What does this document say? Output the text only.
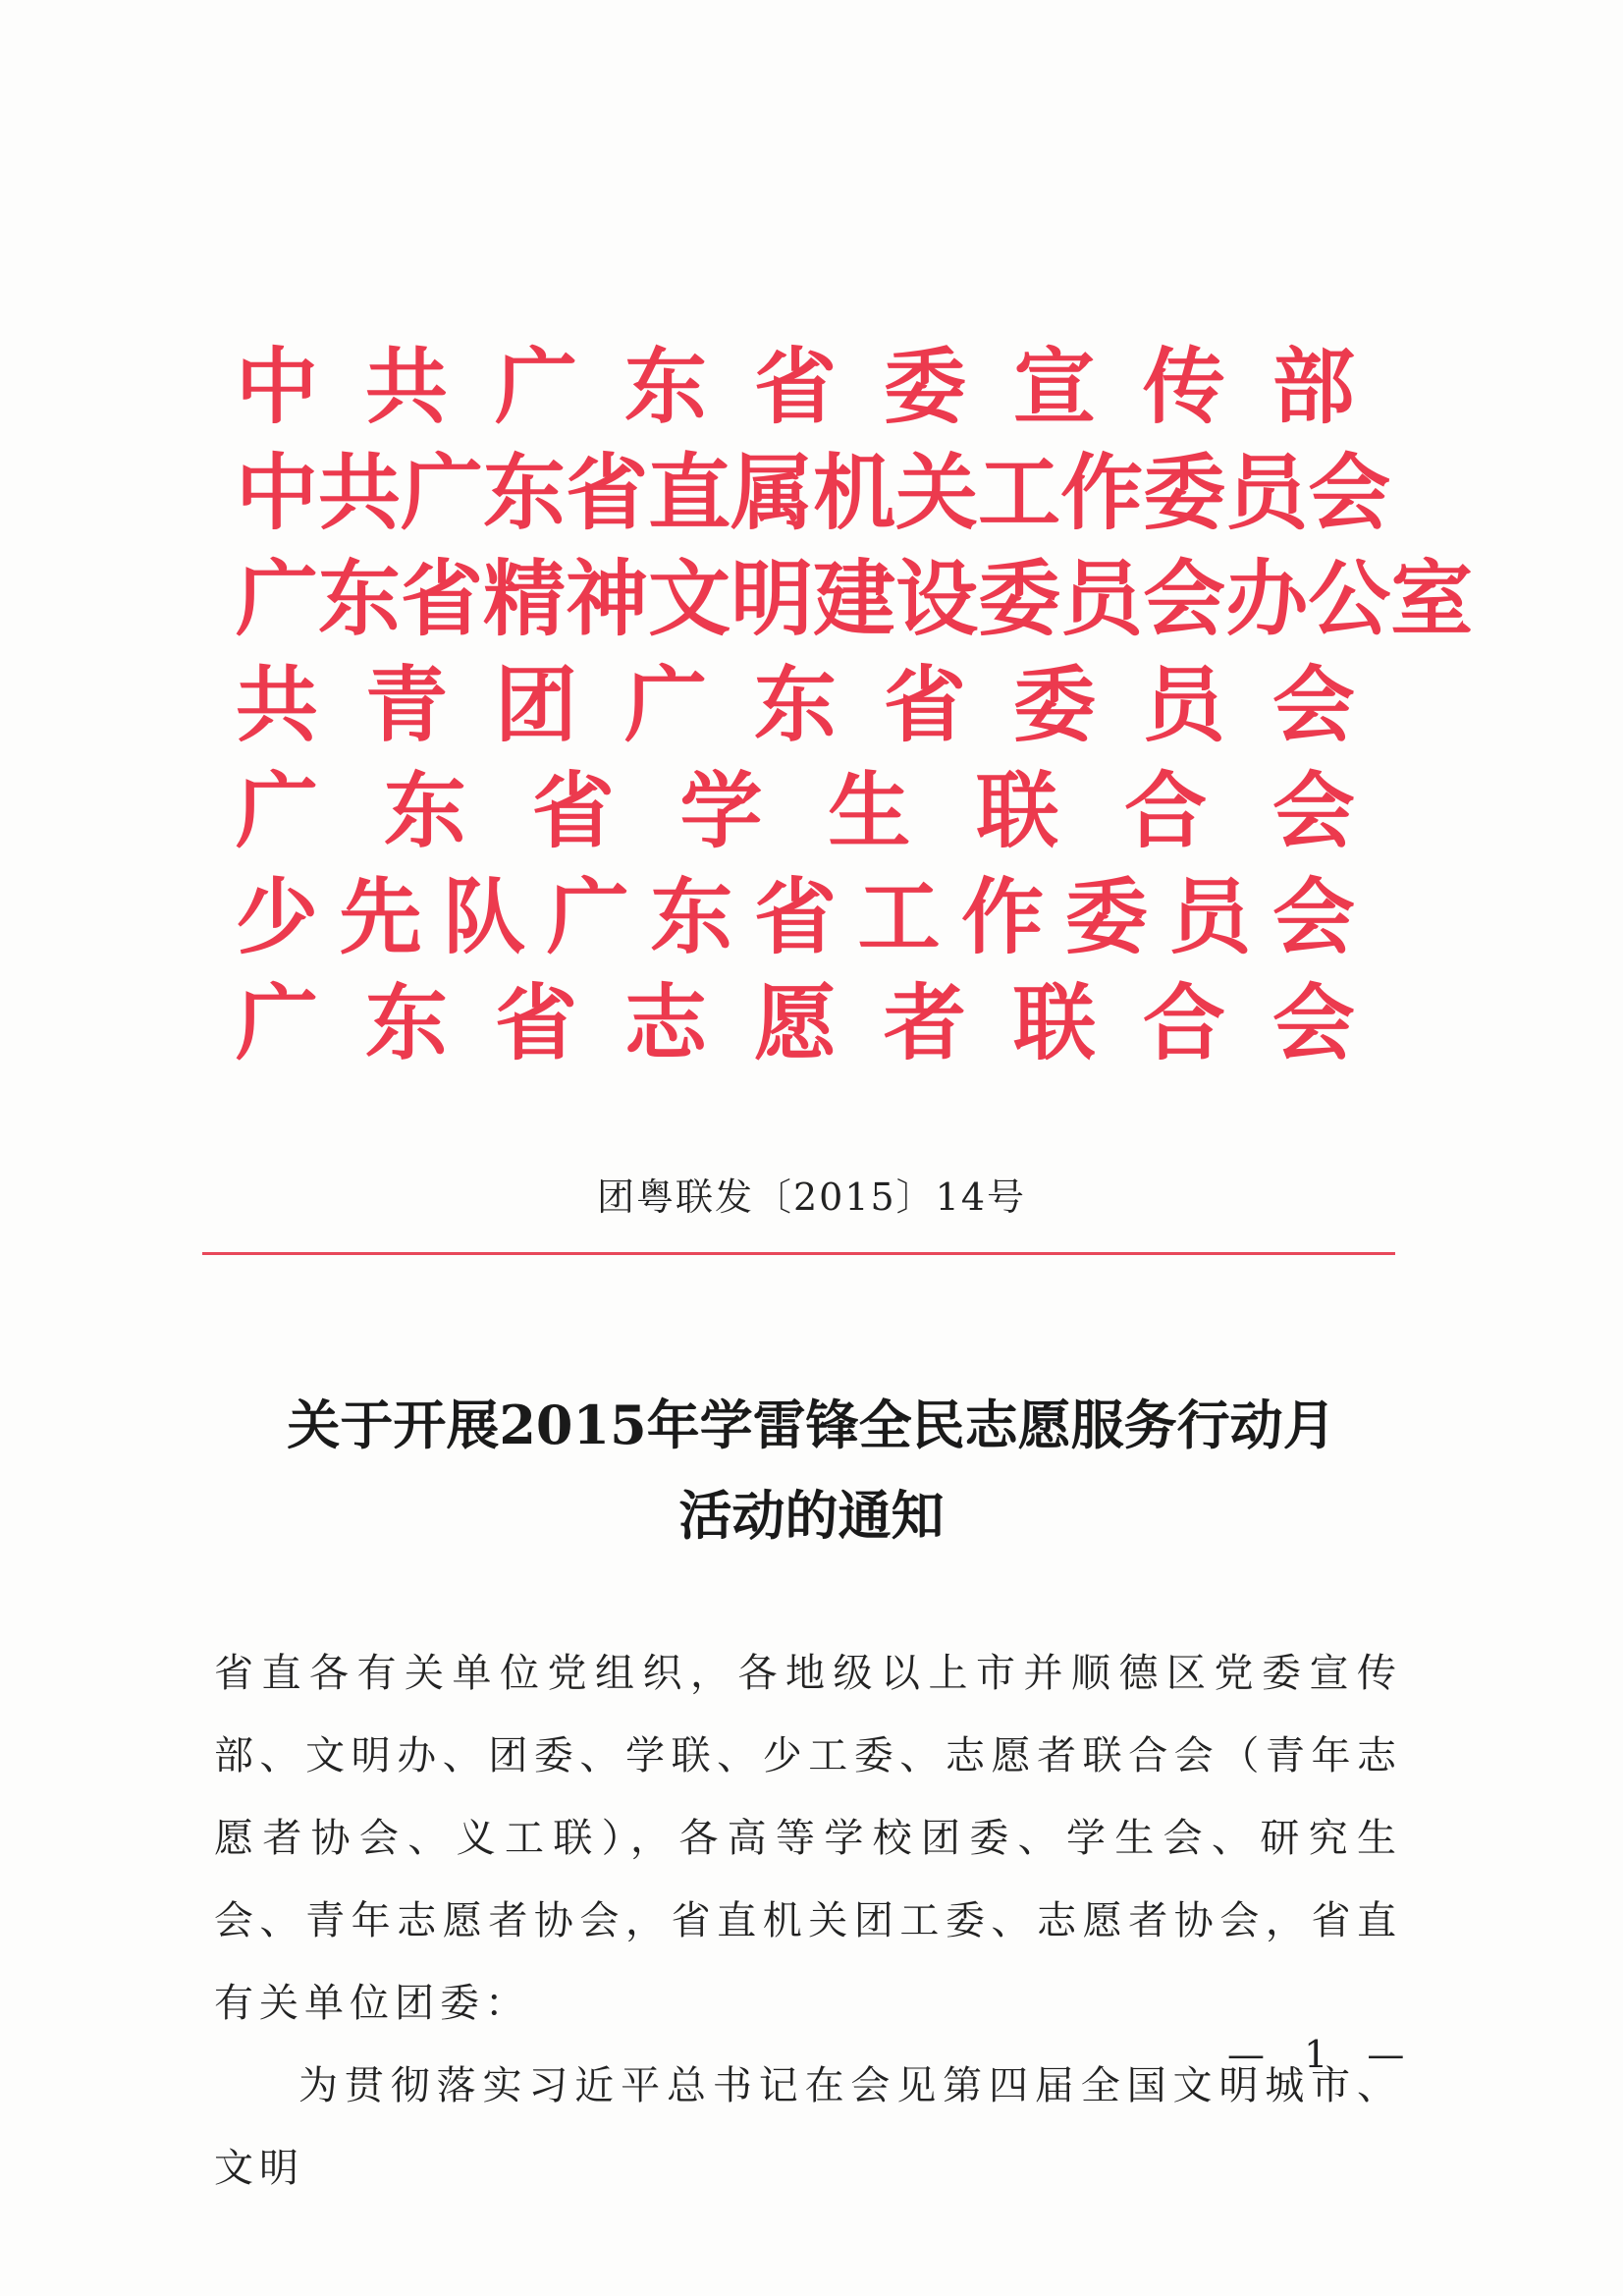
中 共 广 东 省 委 宣 传 部
中 共 广 东 省 直 属 机 关 工 作 委 员 会
广 东 省 精 神 文 明 建 设 委 员 会 办 公 室
共 青 团 广 东 省 委 员 会
广 东 省 学 生 联 合 会
少 先 队 广 东 省 工 作 委 员 会
广 东 省 志 愿 者 联 合 会
团粤联发〔2015〕14号
关于开展2015年学雷锋全民志愿服务行动月
活动的通知

省直各有关单位党组织，各地级以上市并顺德区党委宣传部、文明办、团委、学联、少工委、志愿者联合会（青年志愿者协会、义工联），各高等学校团委、学生会、研究生会、青年志愿者协会，省直机关团工委、志愿者协会，省直有关单位团委：

为贯彻落实习近平总书记在会见第四届全国文明城市、文明

— 1 —
